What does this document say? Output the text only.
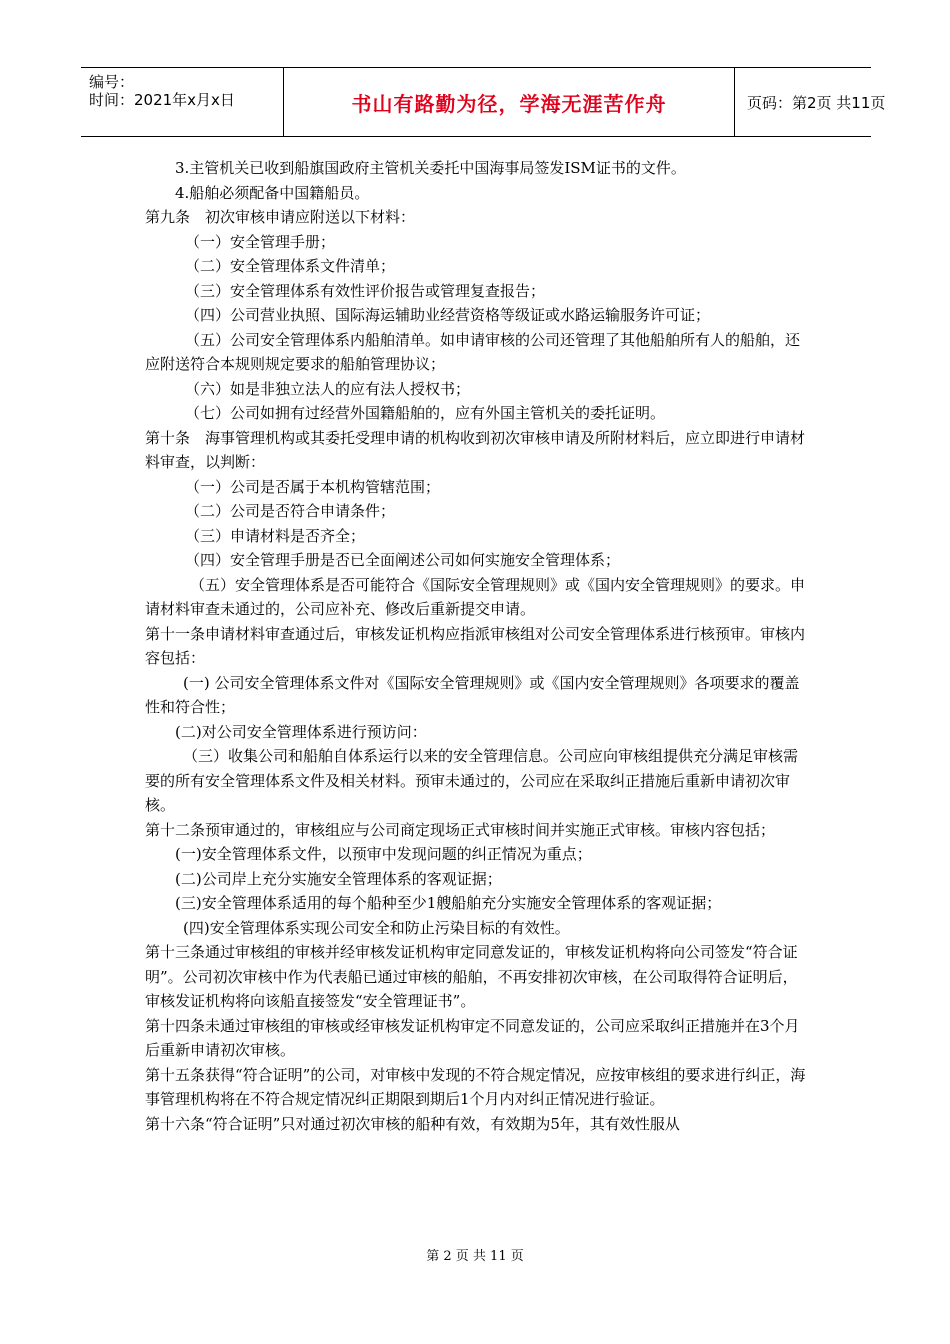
编号：
时间：2021年x月x日	书山有路勤为径，学海无涯苦作舟	页码：第2页 共11页

3.主管机关已收到船旗国政府主管机关委托中国海事局签发ISM证书的文件。

4.船舶必须配备中国籍船员。

第九条　初次审核申请应附送以下材料：

（一）安全管理手册；

（二）安全管理体系文件清单；

（三）安全管理体系有效性评价报告或管理复查报告；

（四）公司营业执照、国际海运辅助业经营资格等级证或水路运输服务许可证；

（五）公司安全管理体系内船舶清单。如申请审核的公司还管理了其他船舶所有人的船舶，还应附送符合本规则规定要求的船舶管理协议；

（六）如是非独立法人的应有法人授权书；

（七）公司如拥有过经营外国籍船舶的，应有外国主管机关的委托证明。

第十条　海事管理机构或其委托受理申请的机构收到初次审核申请及所附材料后，应立即进行申请材料审查，以判断：

（一）公司是否属于本机构管辖范围；

（二）公司是否符合申请条件；

（三）申请材料是否齐全；

（四）安全管理手册是否已全面阐述公司如何实施安全管理体系；

（五）安全管理体系是否可能符合《国际安全管理规则》或《国内安全管理规则》的要求。申请材料审查未通过的，公司应补充、修改后重新提交申请。

第十一条申请材料审查通过后，审核发证机构应指派审核组对公司安全管理体系进行核预审。审核内容包括：

(一) 公司安全管理体系文件对《国际安全管理规则》或《国内安全管理规则》各项要求的覆盖性和符合性；

(二)对公司安全管理体系进行预访问：

（三）收集公司和船舶自体系运行以来的安全管理信息。公司应向审核组提供充分满足审核需要的所有安全管理体系文件及相关材料。预审未通过的，公司应在采取纠正措施后重新申请初次审核。

第十二条预审通过的，审核组应与公司商定现场正式审核时间并实施正式审核。审核内容包括；

(一)安全管理体系文件，以预审中发现问题的纠正情况为重点；

(二)公司岸上充分实施安全管理体系的客观证据；

(三)安全管理体系适用的每个船种至少1艘船舶充分实施安全管理体系的客观证据；

(四)安全管理体系实现公司安全和防止污染目标的有效性。

第十三条通过审核组的审核并经审核发证机构审定同意发证的，审核发证机构将向公司签发“符合证明”。公司初次审核中作为代表船已通过审核的船舶，不再安排初次审核，在公司取得符合证明后，审核发证机构将向该船直接签发“安全管理证书”。

第十四条未通过审核组的审核或经审核发证机构审定不同意发证的，公司应采取纠正措施并在3个月后重新申请初次审核。

第十五条获得“符合证明”的公司，对审核中发现的不符合规定情况，应按审核组的要求进行纠正，海事管理机构将在不符合规定情况纠正期限到期后1个月内对纠正情况进行验证。

第十六条“符合证明”只对通过初次审核的船种有效，有效期为5年，其有效性服从

第 2 页 共 11 页
